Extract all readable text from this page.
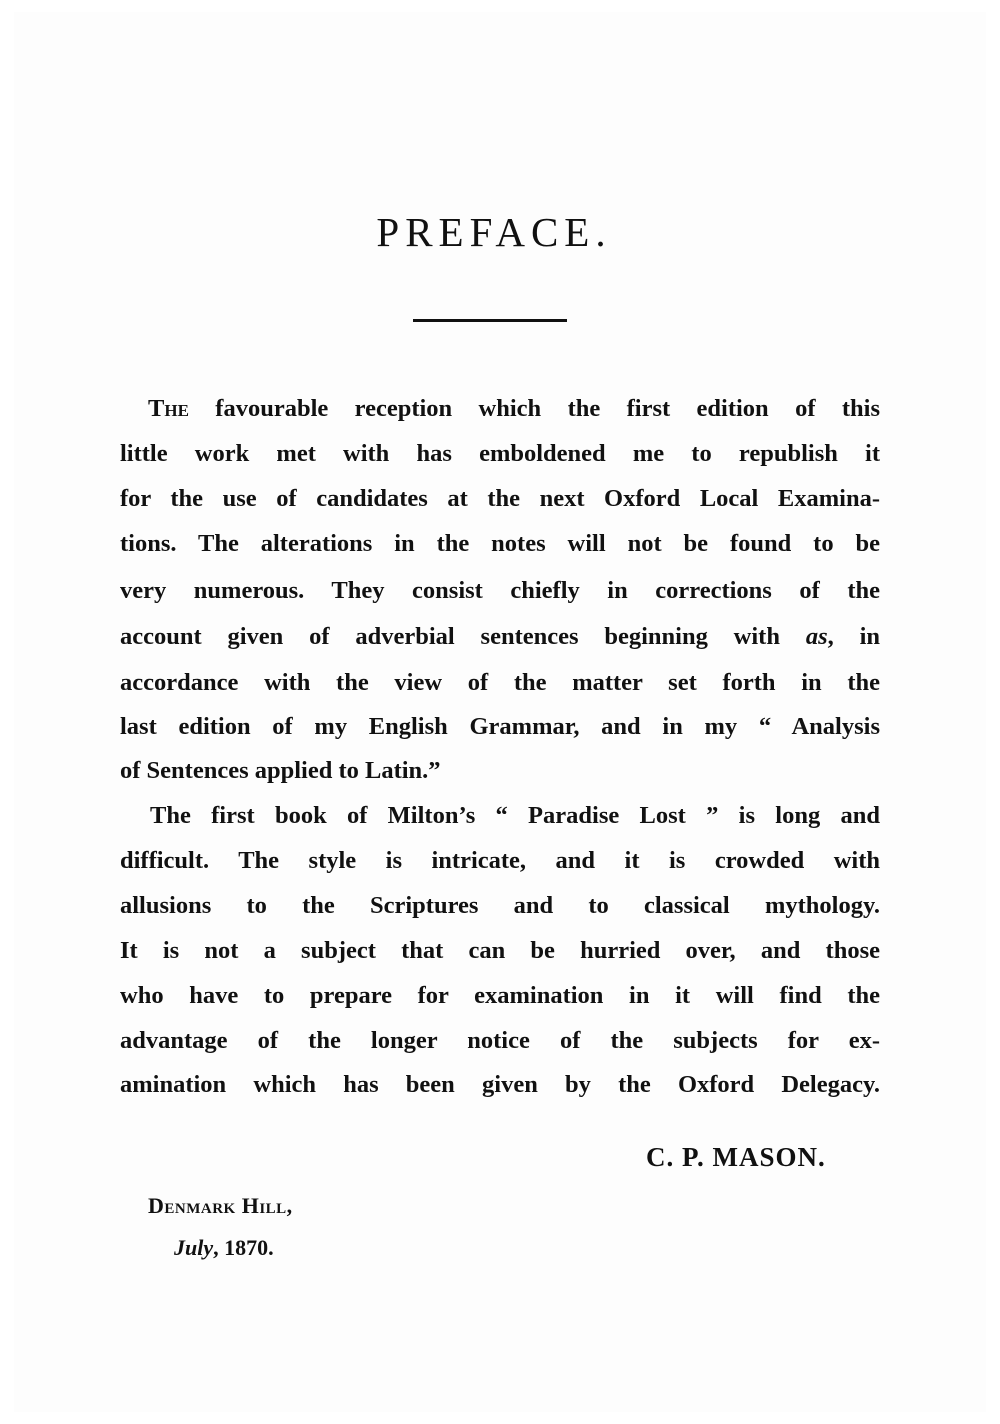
PREFACE.
The favourable reception which the first edition of this
little work met with has emboldened me to republish it
for the use of candidates at the next Oxford Local Examina-
tions. The alterations in the notes will not be found to be
very numerous. They consist chiefly in corrections of the
account given of adverbial sentences beginning with as, in
accordance with the view of the matter set forth in the
last edition of my English Grammar, and in my “ Analysis
of Sentences applied to Latin.”
The first book of Milton’s “ Paradise Lost ” is long and
difficult. The style is intricate, and it is crowded with
allusions to the Scriptures and to classical mythology.
It is not a subject that can be hurried over, and those
who have to prepare for examination in it will find the
advantage of the longer notice of the subjects for ex-
amination which has been given by the Oxford Delegacy.

C. P. MASON.

Denmark Hill,
July, 1870.
